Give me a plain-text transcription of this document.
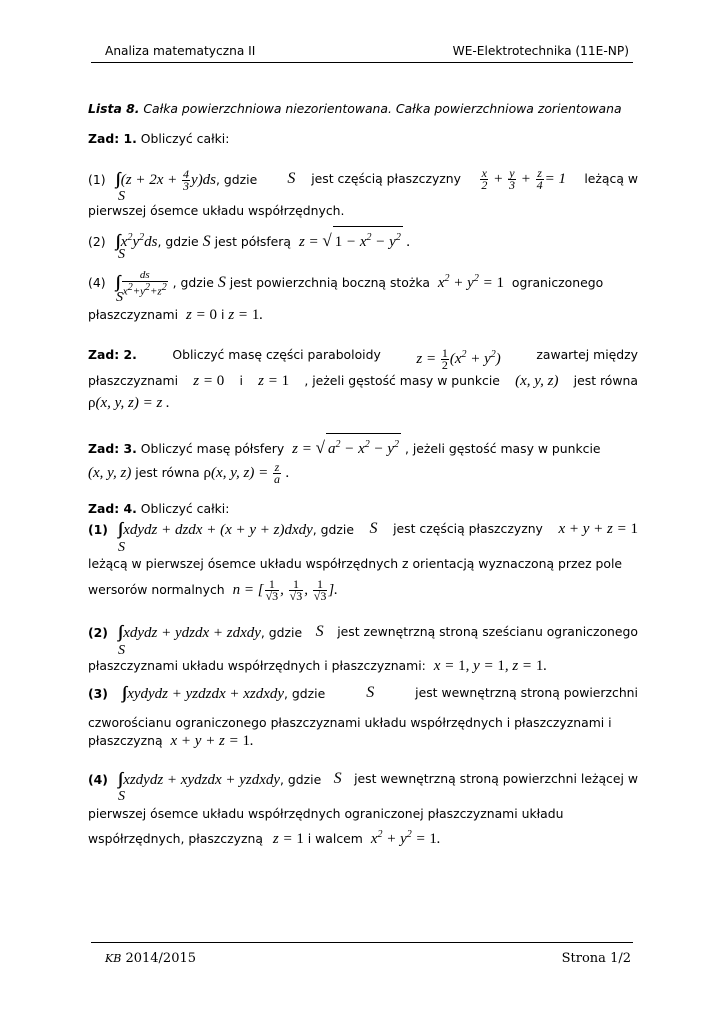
Analiza matematyczna II	WE-Elektrotechnika (11E-NP)
Lista 8. Całka powierzchniowa niezorientowana. Całka powierzchniowa zorientowana
Zad: 1. Obliczyć całki:
(1) ∫∫ $(z + 2x + \frac{4}{3} y)ds$, gdzie	S jest częścią płaszczyzny $\frac{x}{2} + \frac{y}{3} + \frac{z}{4} = 1$ leżącą w
S
pierwszej ósemce układu współrzędnych.
(2) ∫∫ $x^2y^2ds$, gdzie S jest półsferą z = √ $1 - x^2 - y^2$ .
S
(4) ∫∫ $\frac{ds}{x^2+y^2+z^2}$ , gdzie S jest powierzchnią boczną stożka $x^2 + y^2 = 1$ ograniczonego
S
płaszczyznami z = 0 i z = 1.
Zad: 2.	Obliczyć masę części paraboloidy $z = \frac{1}{2} (x^2 + y^2)$	zawartej między
płaszczyznami z = 0 i z = 1 , jeżeli gęstość masy w punkcie (x, y, z) jest równa
ρ(x, y, z) = z .
Zad: 3. Obliczyć masę półsfery z = √ $a^2 - x^2 - y^2$ , jeżeli gęstość masy w punkcie
(x, y, z) jest równa ρ(x, y, $z) = \frac{z}{a}$ .
Zad: 4. Obliczyć całki:
(1) ∫∫ xdydz + dzdx + (x + y + z)dxdy, gdzie S jest częścią płaszczyzny x + y + z = 1
S
leżącą w pierwszej ósemce układu współrzędnych z orientacją wyznaczoną przez pole
wersorów normalnych n = [ $\frac{1}{√3}$ , $\frac{1}{√3}$ , $\frac{1}{√3}$ ].
(2) ∫∫ xdydz + ydzdx + zdxdy, gdzie S jest zewnętrzną stroną sześcianu ograniczonego
S
płaszczyznami układu współrzędnych i płaszczyznami: x = 1, y = 1, z = 1.
(3) ∫∫ xydydz + yzdzdx + xzdxdy, gdzie	S	jest wewnętrzną stroną powierzchni
czworościanu ograniczonego płaszczyznami układu współrzędnych i płaszczyznami i
płaszczyzną x + y + z = 1.
(4) ∫∫ xzdydz + xydzdx + yzdxdy, gdzie S jest wewnętrzną stroną powierzchni leżącej w
S
pierwszej ósemce układu współrzędnych ograniczonej płaszczyznami układu
współrzędnych, płaszczyzną z = 1 i walcem $x^2 + y^2 = 1$.
KB 2014/2015	Strona 1/2
